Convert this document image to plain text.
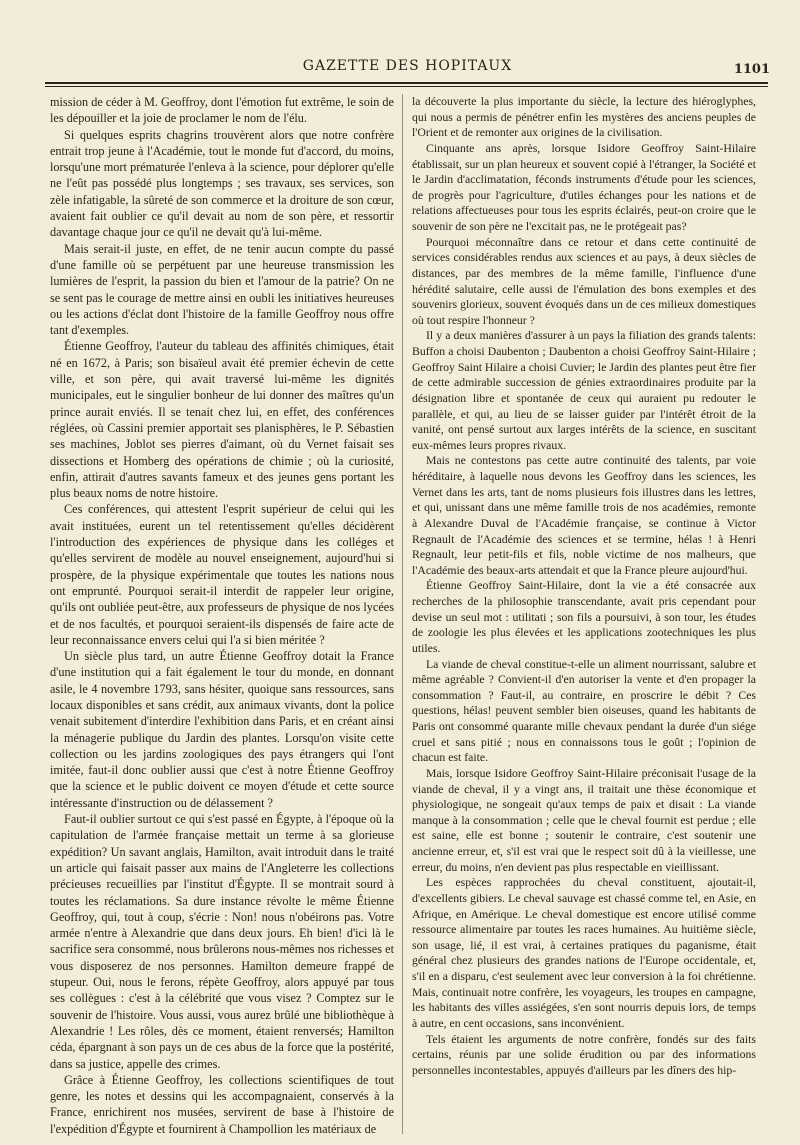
GAZETTE DES HOPITAUX	1101

mission de céder à M. Geoffroy, dont l'émotion fut extrême, le soin de les dépouiller et la joie de proclamer le nom de l'élu.

Si quelques esprits chagrins trouvèrent alors que notre confrère entrait trop jeune à l'Académie, tout le monde fut d'accord, du moins, lorsqu'une mort prématurée l'enleva à la science, pour déplorer qu'elle ne l'eût pas possédé plus longtemps ; ses travaux, ses services, son zèle infatigable, la sûreté de son commerce et la droiture de son cœur, avaient fait oublier ce qu'il devait au nom de son père, et ressortir davantage chaque jour ce qu'il ne devait qu'à lui-même.

Mais serait-il juste, en effet, de ne tenir aucun compte du passé d'une famille où se perpétuent par une heureuse transmission les lumières de l'esprit, la passion du bien et l'amour de la patrie? On ne se sent pas le courage de mettre ainsi en oubli les initiatives heureuses ou les actions d'éclat dont l'histoire de la famille Geoffroy nous offre tant d'exemples.

Étienne Geoffroy, l'auteur du tableau des affinités chimiques, était né en 1672, à Paris; son bisaïeul avait été premier échevin de cette ville, et son père, qui avait traversé lui-même les dignités municipales, eut le singulier bonheur de lui donner des maîtres qu'un prince aurait enviés. Il se tenait chez lui, en effet, des conférences réglées, où Cassini premier apportait ses planisphères, le P. Sébastien ses machines, Joblot ses pierres d'aimant, où du Vernet faisait ses dissections et Homberg des opérations de chimie ; où la curiosité, enfin, attirait d'autres savants fameux et des jeunes gens portant les plus beaux noms de notre histoire.

Ces conférences, qui attestent l'esprit supérieur de celui qui les avait instituées, eurent un tel retentissement qu'elles décidèrent l'introduction des expériences de physique dans les colléges et qu'elles servirent de modèle au nouvel enseignement, aujourd'hui si prospère, de la physique expérimentale que toutes les nations nous ont emprunté. Pourquoi serait-il interdit de rappeler leur origine, qu'ils ont oubliée peut-être, aux professeurs de physique de nos lycées et de nos facultés, et pourquoi seraient-ils dispensés de faire acte de leur reconnaissance envers celui qui l'a si bien méritée ?

Un siècle plus tard, un autre Étienne Geoffroy dotait la France d'une institution qui a fait également le tour du monde, en donnant asile, le 4 novembre 1793, sans hésiter, quoique sans ressources, sans locaux disponibles et sans crédit, aux animaux vivants, dont la police venait subitement d'interdire l'exhibition dans Paris, et en créant ainsi la ménagerie publique du Jardin des plantes. Lorsqu'on visite cette collection ou les jardins zoologiques des pays étrangers qui l'ont imitée, faut-il donc oublier aussi que c'est à notre Étienne Geoffroy que la science et le public doivent ce moyen d'étude et cette source intéressante d'instruction ou de délassement ?

Faut-il oublier surtout ce qui s'est passé en Égypte, à l'époque où la capitulation de l'armée française mettait un terme à sa glorieuse expédition? Un savant anglais, Hamilton, avait introduit dans le traité un article qui faisait passer aux mains de l'Angleterre les collections précieuses recueillies par l'institut d'Égypte. Il se montrait sourd à toutes les réclamations. Sa dure instance révolte le même Étienne Geoffroy, qui, tout à coup, s'écrie : Non! nous n'obéirons pas. Votre armée n'entre à Alexandrie que dans deux jours. Eh bien! d'ici là le sacrifice sera consommé, nous brûlerons nous-mêmes nos richesses et vous disposerez de nos personnes. Hamilton demeure frappé de stupeur. Oui, nous le ferons, répète Geoffroy, alors appuyé par tous ses collègues : c'est à la célébrité que vous visez ? Comptez sur le souvenir de l'histoire. Vous aussi, vous aurez brûlé une bibliothèque à Alexandrie ! Les rôles, dès ce moment, étaient renversés; Hamilton céda, épargnant à son pays un de ces abus de la force que la postérité, dans sa justice, appelle des crimes.

Grâce à Étienne Geoffroy, les collections scientifiques de tout genre, les notes et dessins qui les accompagnaient, conservés à la France, enrichirent nos musées, servirent de base à l'histoire de l'expédition d'Égypte et fournirent à Champollion les matériaux de

la découverte la plus importante du siècle, la lecture des hiéroglyphes, qui nous a permis de pénétrer enfin les mystères des anciens peuples de l'Orient et de remonter aux origines de la civilisation.

Cinquante ans après, lorsque Isidore Geoffroy Saint-Hilaire établissait, sur un plan heureux et souvent copié à l'étranger, la Société et le Jardin d'acclimatation, féconds instruments d'étude pour les sciences, de progrès pour l'agriculture, d'utiles échanges pour les nations et de relations affectueuses pour tous les esprits éclairés, peut-on croire que le souvenir de son père ne l'excitait pas, ne le protégeait pas?

Pourquoi méconnaître dans ce retour et dans cette continuité de services considérables rendus aux sciences et au pays, à deux siècles de distances, par des membres de la même famille, l'influence d'une hérédité salutaire, celle aussi de l'émulation des bons exemples et des souvenirs glorieux, souvent évoqués dans un de ces milieux domestiques où tout respire l'honneur ?

Il y a deux manières d'assurer à un pays la filiation des grands talents: Buffon a choisi Daubenton ; Daubenton a choisi Geoffroy Saint-Hilaire ; Geoffroy Saint Hilaire a choisi Cuvier; le Jardin des plantes peut être fier de cette admirable succession de génies extraordinaires produite par la désignation libre et spontanée de ceux qui auraient pu redouter le parallèle, et qui, au lieu de se laisser guider par l'intérêt étroit de la vanité, ont pensé surtout aux larges intérêts de la science, en suscitant eux-mêmes leurs propres rivaux.

Mais ne contestons pas cette autre continuité des talents, par voie héréditaire, à laquelle nous devons les Geoffroy dans les sciences, les Vernet dans les arts, tant de noms plusieurs fois illustres dans les lettres, et qui, unissant dans une même famille trois de nos académies, remonte à Alexandre Duval de l'Académie française, se continue à Victor Regnault de l'Académie des sciences et se termine, hélas ! à Henri Regnault, leur petit-fils et fils, noble victime de nos malheurs, que l'Académie des beaux-arts attendait et que la France pleure aujourd'hui.

Étienne Geoffroy Saint-Hilaire, dont la vie a été consacrée aux recherches de la philosophie transcendante, avait pris cependant pour devise un seul mot : utilitati ; son fils a poursuivi, à son tour, les études de zoologie les plus élevées et les applications zootechniques les plus utiles.

La viande de cheval constitue-t-elle un aliment nourrissant, salubre et même agréable ? Convient-il d'en autoriser la vente et d'en propager la consommation ? Faut-il, au contraire, en proscrire le débit ? Ces questions, hélas! peuvent sembler bien oiseuses, quand les habitants de Paris ont consommé quarante mille chevaux pendant la durée d'un siége cruel et sans pitié ; nous en connaissons tous le goût ; l'opinion de chacun est faite.

Mais, lorsque Isidore Geoffroy Saint-Hilaire préconisait l'usage de la viande de cheval, il y a vingt ans, il traitait une thèse économique et physiologique, ne songeait qu'aux temps de paix et disait : La viande manque à la consommation ; celle que le cheval fournit est perdue ; elle est saine, elle est bonne ; soutenir le contraire, c'est soutenir une ancienne erreur, et, s'il est vrai que le respect soit dû à la vieillesse, une erreur, du moins, n'en devient pas plus respectable en vieillissant.

Les espèces rapprochées du cheval constituent, ajoutait-il, d'excellents gibiers. Le cheval sauvage est chassé comme tel, en Asie, en Afrique, en Amérique. Le cheval domestique est encore utilisé comme ressource alimentaire par toutes les races humaines. Au huitième siècle, son usage, lié, il est vrai, à certaines pratiques du paganisme, était général chez plusieurs des grandes nations de l'Europe occidentale, et, s'il en a disparu, c'est seulement avec leur conversion à la foi chrétienne. Mais, continuait notre confrère, les voyageurs, les troupes en campagne, les habitants des villes assiégées, s'en sont nourris depuis lors, de temps à autre, en cent occasions, sans inconvénient.

Tels étaient les arguments de notre confrère, fondés sur des faits certains, réunis par une solide érudition ou par des informations personnelles incontestables, appuyés d'ailleurs par les dîners des hip-
